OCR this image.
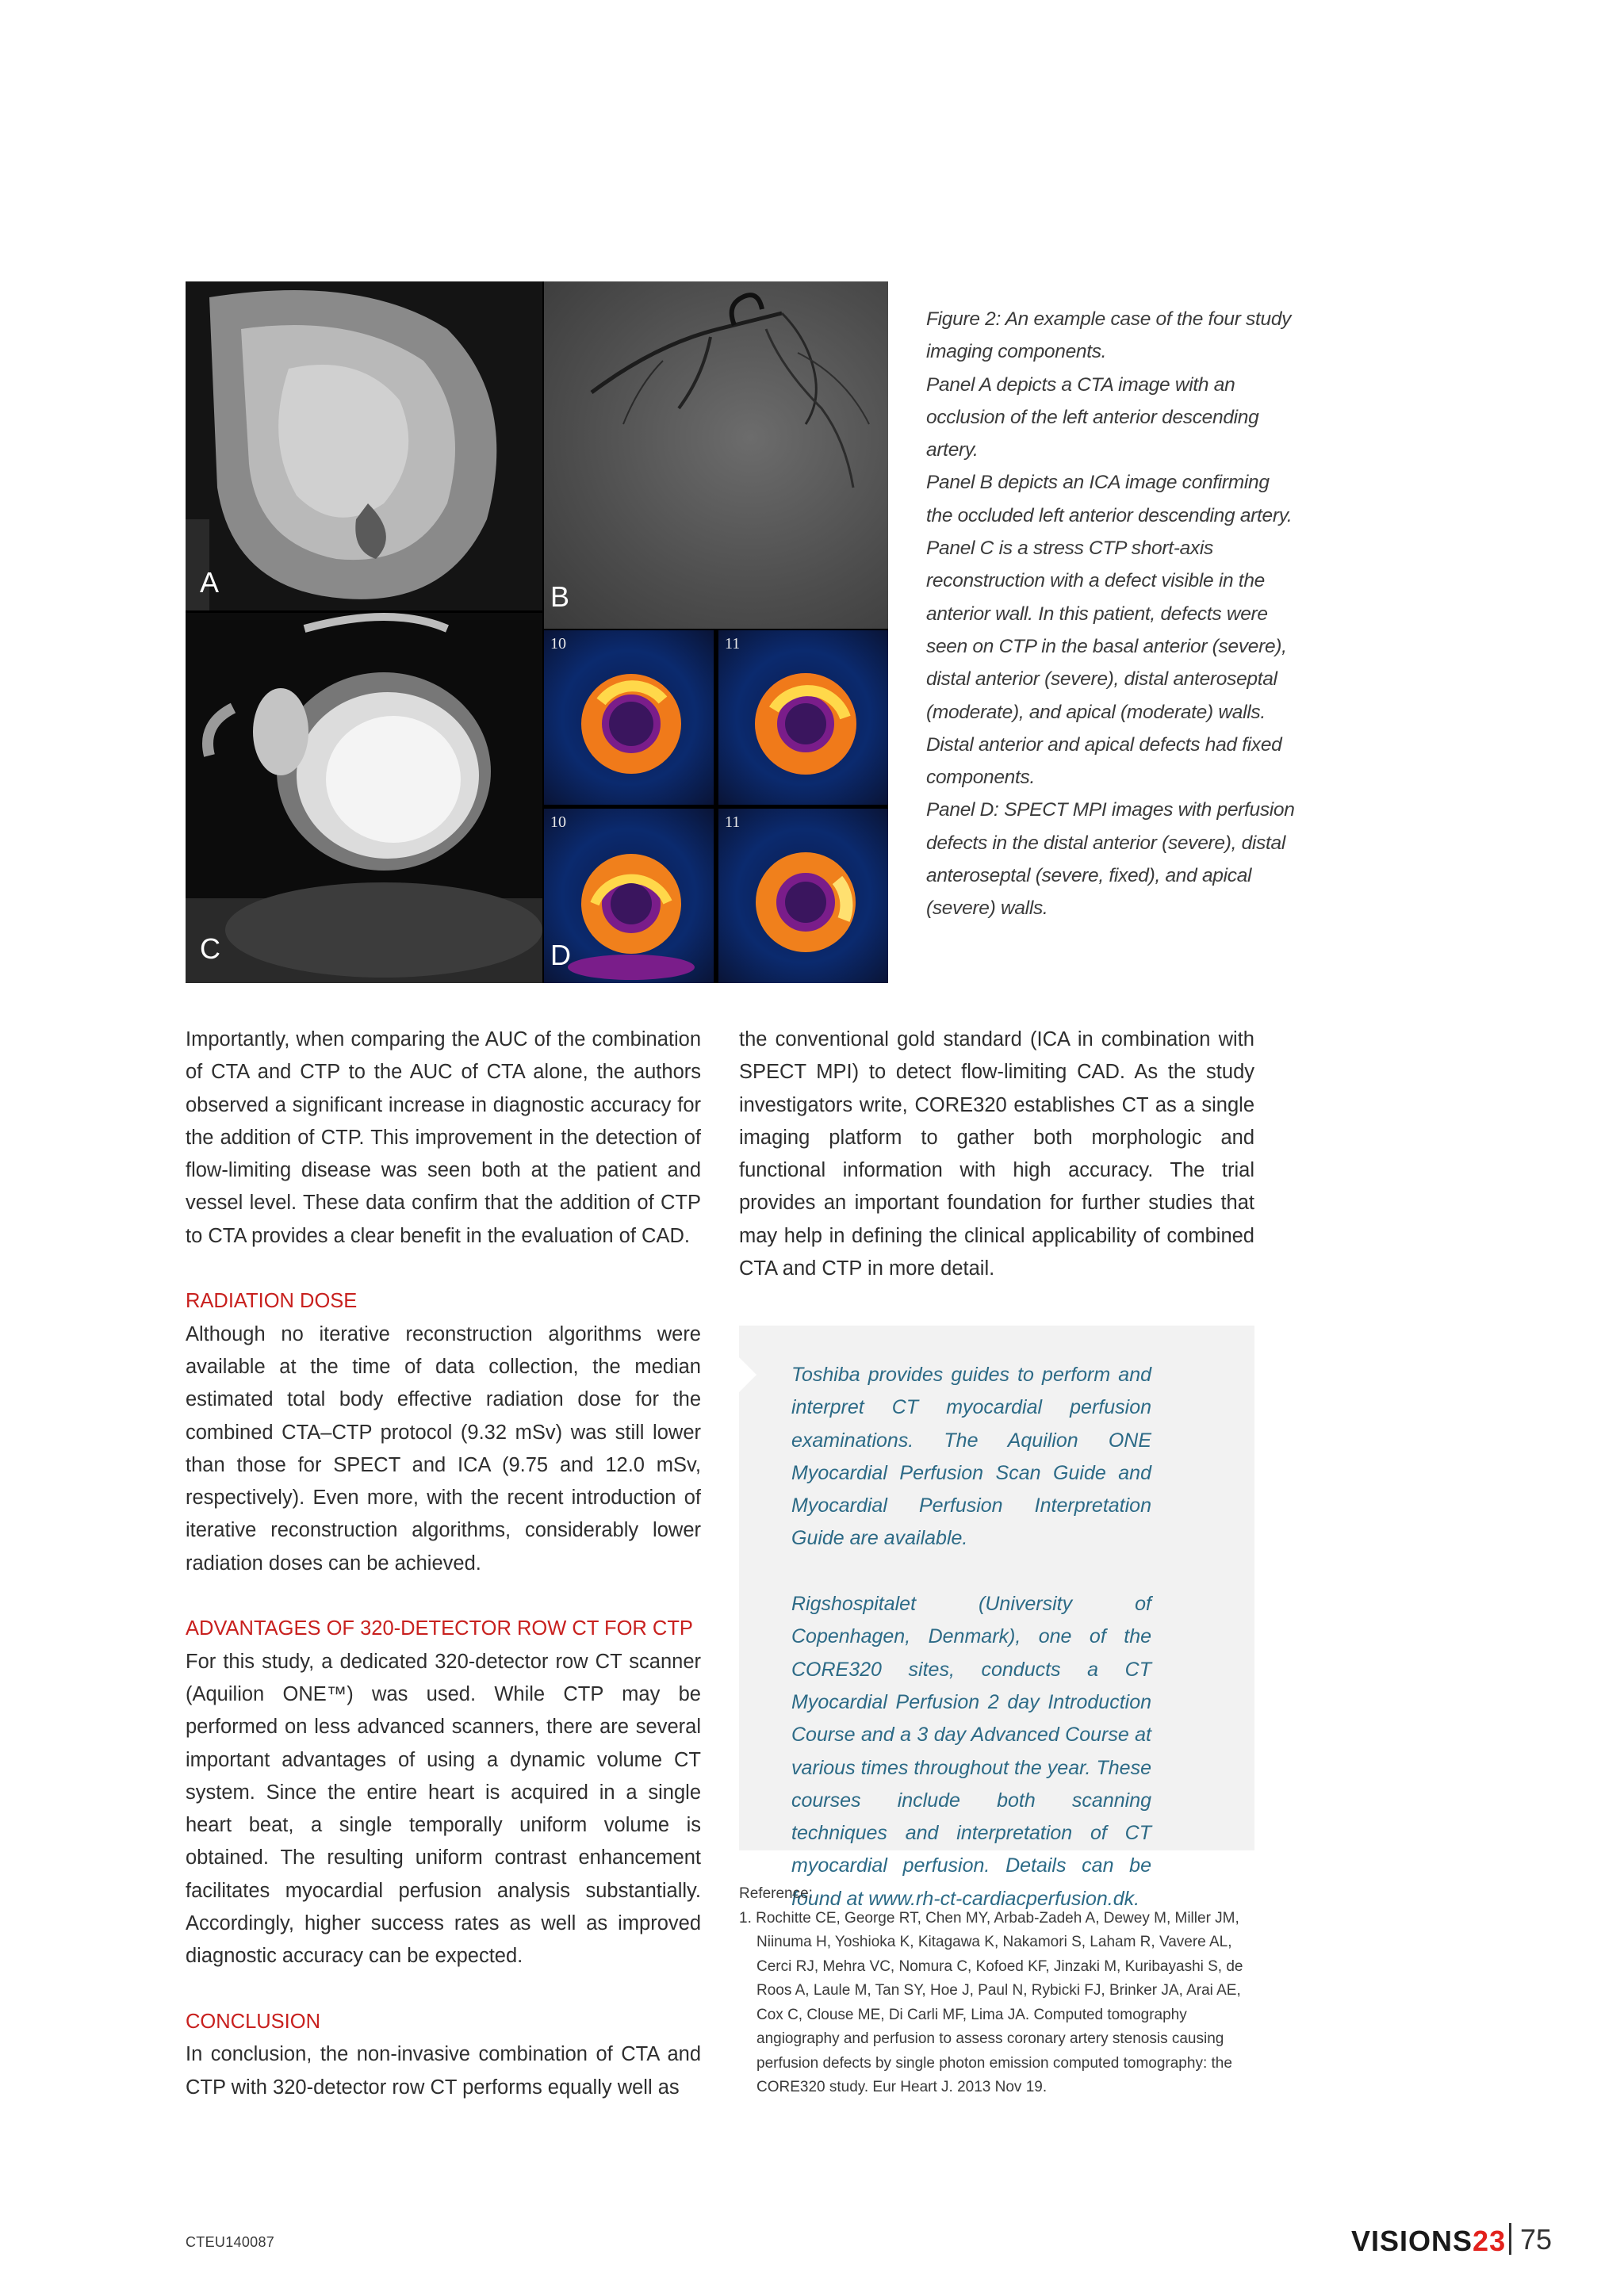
A	B
C
10	11
10	11
D

Figure 2: An example case of the four study imaging components.

Panel A depicts a CTA image with an occlusion of the left anterior descending artery.

Panel B depicts an ICA image confirming the occluded left anterior descending artery.

Panel C is a stress CTP short-axis reconstruction with a defect visible in the anterior wall. In this patient, defects were seen on CTP in the basal anterior (severe), distal anterior (severe), distal anteroseptal (moderate), and apical (moderate) walls. Distal anterior and apical defects had fixed components.

Panel D: SPECT MPI images with perfusion defects in the distal anterior (severe), distal anteroseptal (severe, fixed), and apical (severe) walls.

Importantly, when comparing the AUC of the combination of CTA and CTP to the AUC of CTA alone, the authors observed a significant increase in diagnostic accuracy for the addition of CTP. This improvement in the detection of flow-limiting disease was seen both at the patient and vessel level. These data confirm that the addition of CTP to CTA provides a clear benefit in the evaluation of CAD.

RADIATION DOSE

Although no iterative reconstruction algorithms were available at the time of data collection, the median estimated total body effective radiation dose for the combined CTA–CTP protocol (9.32 mSv) was still lower than those for SPECT and ICA (9.75 and 12.0 mSv, respectively). Even more, with the recent introduction of iterative reconstruction algorithms, considerably lower radiation doses can be achieved.

ADVANTAGES OF 320-DETECTOR ROW CT FOR CTP

For this study, a dedicated 320-detector row CT scanner (Aquilion ONE™) was used. While CTP may be performed on less advanced scanners, there are several important advantages of using a dynamic volume CT system. Since the entire heart is acquired in a single heart beat, a single temporally uniform volume is obtained. The resulting uniform contrast enhancement facilitates myocardial perfusion analysis substantially. Accordingly, higher success rates as well as improved diagnostic accuracy can be expected.

CONCLUSION

In conclusion, the non-invasive combination of CTA and CTP with 320-detector row CT performs equally well as

the conventional gold standard (ICA in combination with SPECT MPI) to detect flow-limiting CAD. As the study investigators write, CORE320 establishes CT as a single imaging platform to gather both morphologic and functional information with high accuracy. The trial provides an important foundation for further studies that may help in defining the clinical applicability of combined CTA and CTP in more detail.

Toshiba provides guides to perform and interpret CT myocardial perfusion examinations. The Aquilion ONE Myocardial Perfusion Scan Guide and Myocardial Perfusion Interpretation Guide are available.

Rigshospitalet (University of Copenhagen, Denmark), one of the CORE320 sites, conducts a CT Myocardial Perfusion 2 day Introduction Course and a 3 day Advanced Course at various times throughout the year. These courses include both scanning techniques and interpretation of CT myocardial perfusion. Details can be found at www.rh-ct-cardiacperfusion.dk.

Reference:

1. Rochitte CE, George RT, Chen MY, Arbab-Zadeh A, Dewey M, Miller JM, Niinuma H, Yoshioka K, Kitagawa K, Nakamori S, Laham R, Vavere AL, Cerci RJ, Mehra VC, Nomura C, Kofoed KF, Jinzaki M, Kuribayashi S, de Roos A, Laule M, Tan SY, Hoe J, Paul N, Rybicki FJ, Brinker JA, Arai AE, Cox C, Clouse ME, Di Carli MF, Lima JA. Computed tomography angiography and perfusion to assess coronary artery stenosis causing perfusion defects by single photon emission computed tomography: the CORE320 study. Eur Heart J. 2013 Nov 19.

CTEU140087	VISIONS23 75
